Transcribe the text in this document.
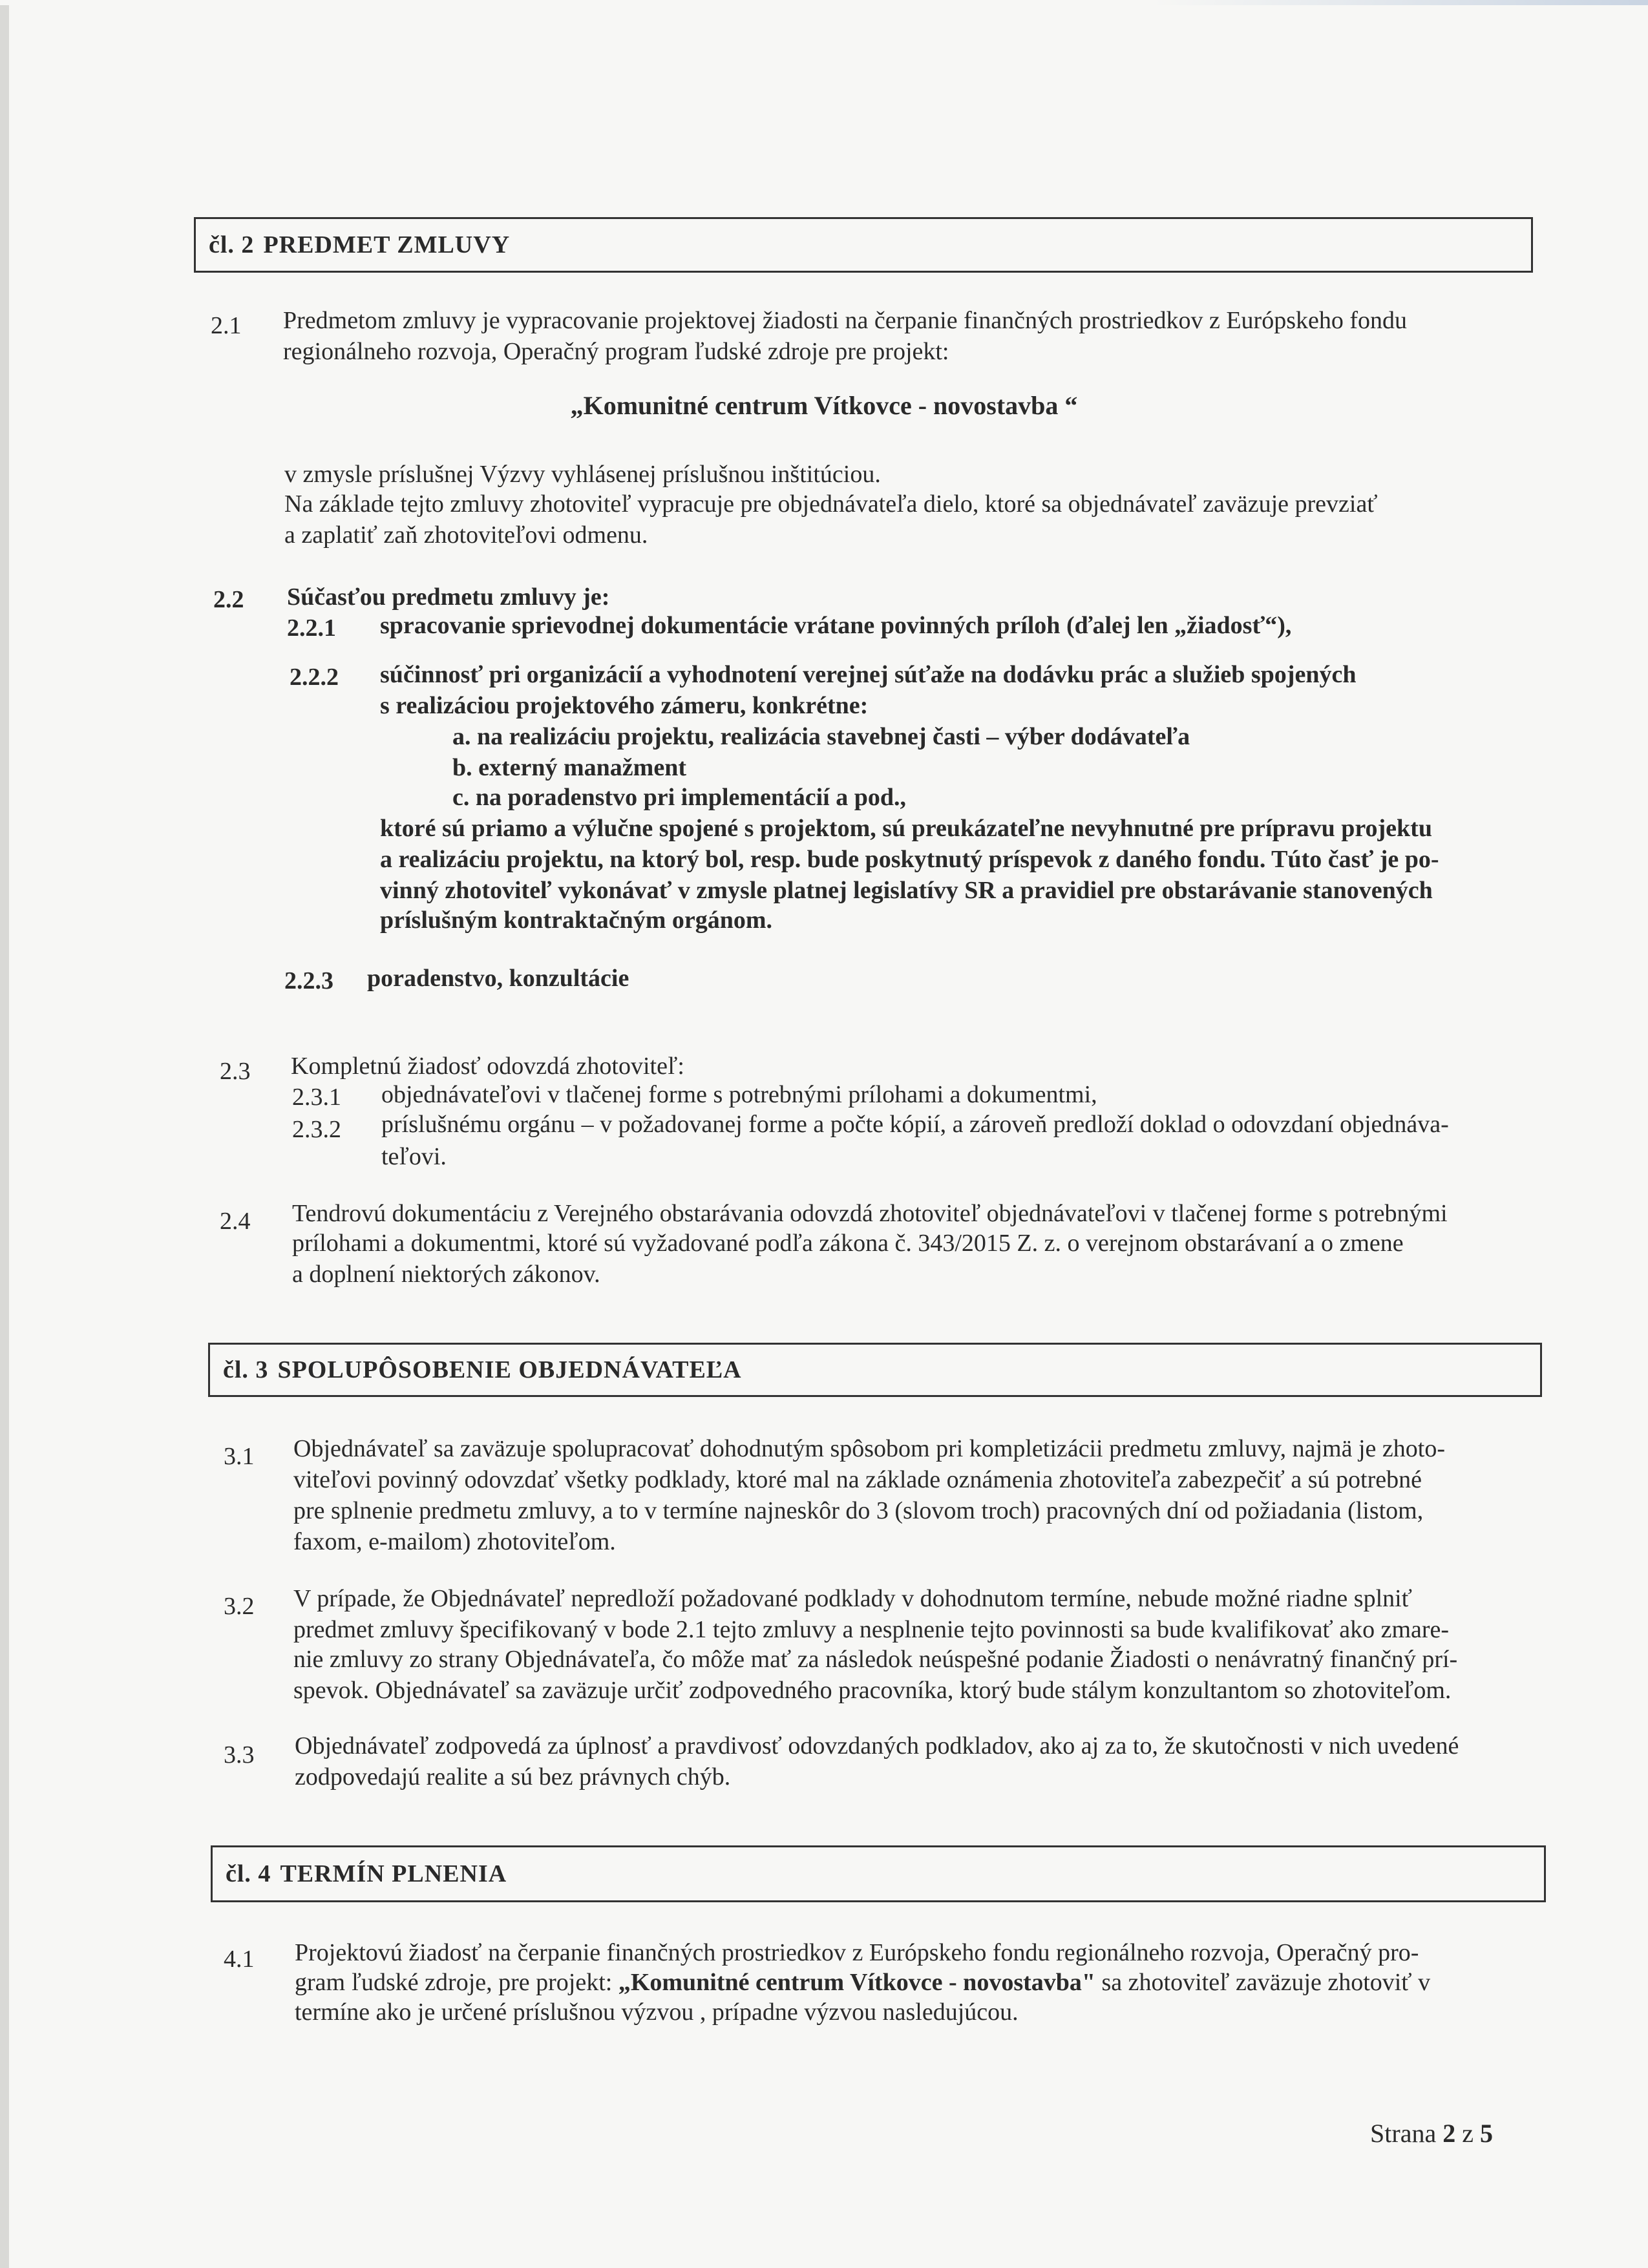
čl. 2 PREDMET ZMLUVY
2.1 Predmetom zmluvy je vypracovanie projektovej žiadosti na čerpanie finančných prostriedkov z Európskeho fondu
regionálneho rozvoja, Operačný program ľudské zdroje pre projekt:
„Komunitné centrum Vítkovce - novostavba “
v zmysle príslušnej Výzvy vyhlásenej príslušnou inštitúciou.
Na základe tejto zmluvy zhotoviteľ vypracuje pre objednávateľa dielo, ktoré sa objednávateľ zaväzuje prevziať
a zaplatiť zaň zhotoviteľovi odmenu.
2.2 Súčasťou predmetu zmluvy je:
2.2.1 spracovanie sprievodnej dokumentácie vrátane povinných príloh (ďalej len „žiadosť“),
2.2.2 súčinnosť pri organizácií a vyhodnotení verejnej súťaže na dodávku prác a služieb spojených
s realizáciou projektového zámeru, konkrétne:
a. na realizáciu projektu, realizácia stavebnej časti – výber dodávateľa
b. externý manažment
c. na poradenstvo pri implementácií a pod.,
ktoré sú priamo a výlučne spojené s projektom, sú preukázateľne nevyhnutné pre prípravu projektu
a realizáciu projektu, na ktorý bol, resp. bude poskytnutý príspevok z daného fondu. Túto časť je po-
vinný zhotoviteľ vykonávať v zmysle platnej legislatívy SR a pravidiel pre obstarávanie stanovených
príslušným kontraktačným orgánom.
2.2.3 poradenstvo, konzultácie
2.3 Kompletnú žiadosť odovzdá zhotoviteľ:
2.3.1 objednávateľovi v tlačenej forme s potrebnými prílohami a dokumentmi,
2.3.2 príslušnému orgánu – v požadovanej forme a počte kópií, a zároveň predloží doklad o odovzdaní objednáva-
teľovi.
2.4 Tendrovú dokumentáciu z Verejného obstarávania odovzdá zhotoviteľ objednávateľovi v tlačenej forme s potrebnými
prílohami a dokumentmi, ktoré sú vyžadované podľa zákona č. 343/2015 Z. z. o verejnom obstarávaní a o zmene
a doplnení niektorých zákonov.
čl. 3 SPOLUPÔSOBENIE OBJEDNÁVATEĽA
3.1 Objednávateľ sa zaväzuje spolupracovať dohodnutým spôsobom pri kompletizácii predmetu zmluvy, najmä je zhoto-
viteľovi povinný odovzdať všetky podklady, ktoré mal na základe oznámenia zhotoviteľa zabezpečiť a sú potrebné
pre splnenie predmetu zmluvy, a to v termíne najneskôr do 3 (slovom troch) pracovných dní od požiadania (listom,
faxom, e-mailom) zhotoviteľom.
3.2 V prípade, že Objednávateľ nepredloží požadované podklady v dohodnutom termíne, nebude možné riadne splniť
predmet zmluvy špecifikovaný v bode 2.1 tejto zmluvy a nesplnenie tejto povinnosti sa bude kvalifikovať ako zmare-
nie zmluvy zo strany Objednávateľa, čo môže mať za následok neúspešné podanie Žiadosti o nenávratný finančný prí-
spevok. Objednávateľ sa zaväzuje určiť zodpovedného pracovníka, ktorý bude stálym konzultantom so zhotoviteľom.
3.3 Objednávateľ zodpovedá za úplnosť a pravdivosť odovzdaných podkladov, ako aj za to, že skutočnosti v nich uvedené
zodpovedajú realite a sú bez právnych chýb.
čl. 4 TERMÍN PLNENIA
4.1 Projektovú žiadosť na čerpanie finančných prostriedkov z Európskeho fondu regionálneho rozvoja, Operačný pro-
gram ľudské zdroje, pre projekt: „Komunitné centrum Vítkovce - novostavba" sa zhotoviteľ zaväzuje zhotoviť v
termíne ako je určené príslušnou výzvou , prípadne výzvou nasledujúcou.
Strana 2 z 5
